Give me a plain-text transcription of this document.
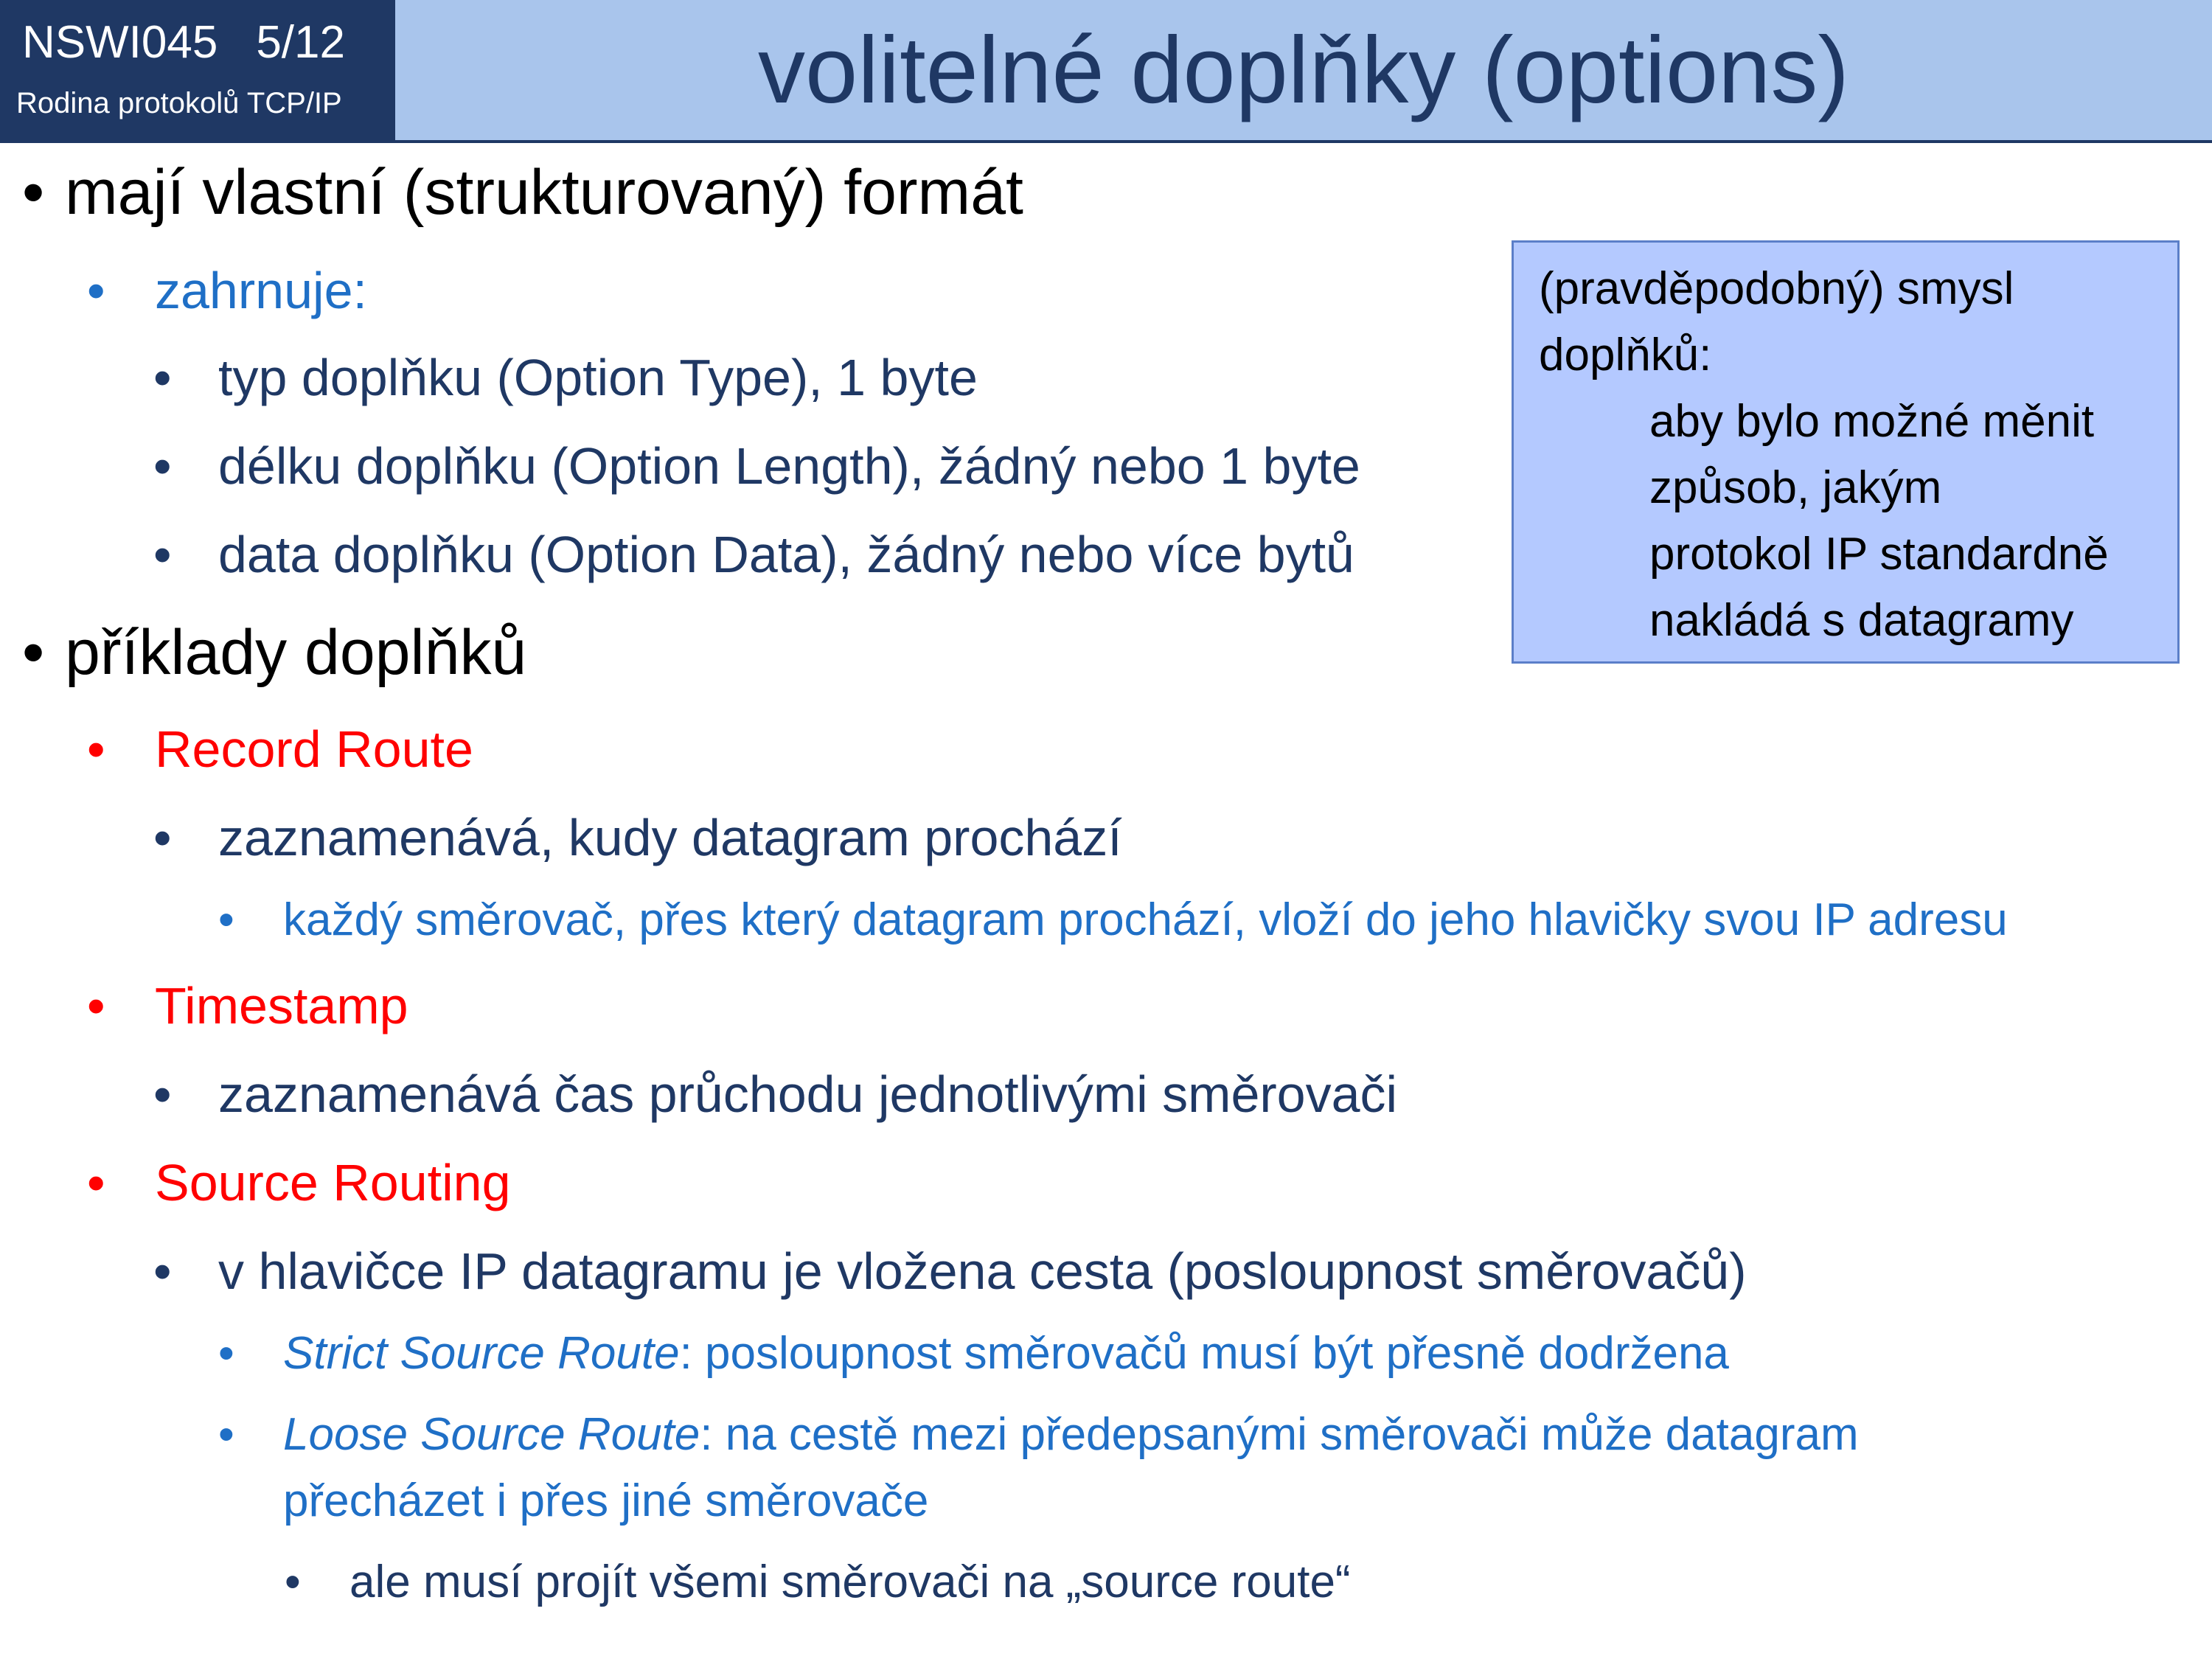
NSWI045 5/12
Rodina protokolů TCP/IP	volitelné doplňky (options)
• mají vlastní (strukturovaný) formát
• zahrnuje:
• typ doplňku (Option Type), 1 byte
• délku doplňku (Option Length), žádný nebo 1 byte
• data doplňku (Option Data), žádný nebo více bytů
• příklady doplňků
• Record Route
• zaznamenává, kudy datagram prochází
• každý směrovač, přes který datagram prochází, vloží do jeho hlavičky svou IP adresu
• Timestamp
• zaznamenává čas průchodu jednotlivými směrovači
• Source Routing
• v hlavičce IP datagramu je vložena cesta (posloupnost směrovačů)
• Strict Source Route: posloupnost směrovačů musí být přesně dodržena
• Loose Source Route: na cestě mezi předepsanými směrovači může datagram
přecházet i přes jiné směrovače
• ale musí projít všemi směrovači na „source route“
(pravděpodobný) smysl
doplňků:
aby bylo možné měnit
způsob, jakým
protokol IP standardně
nakládá s datagramy
